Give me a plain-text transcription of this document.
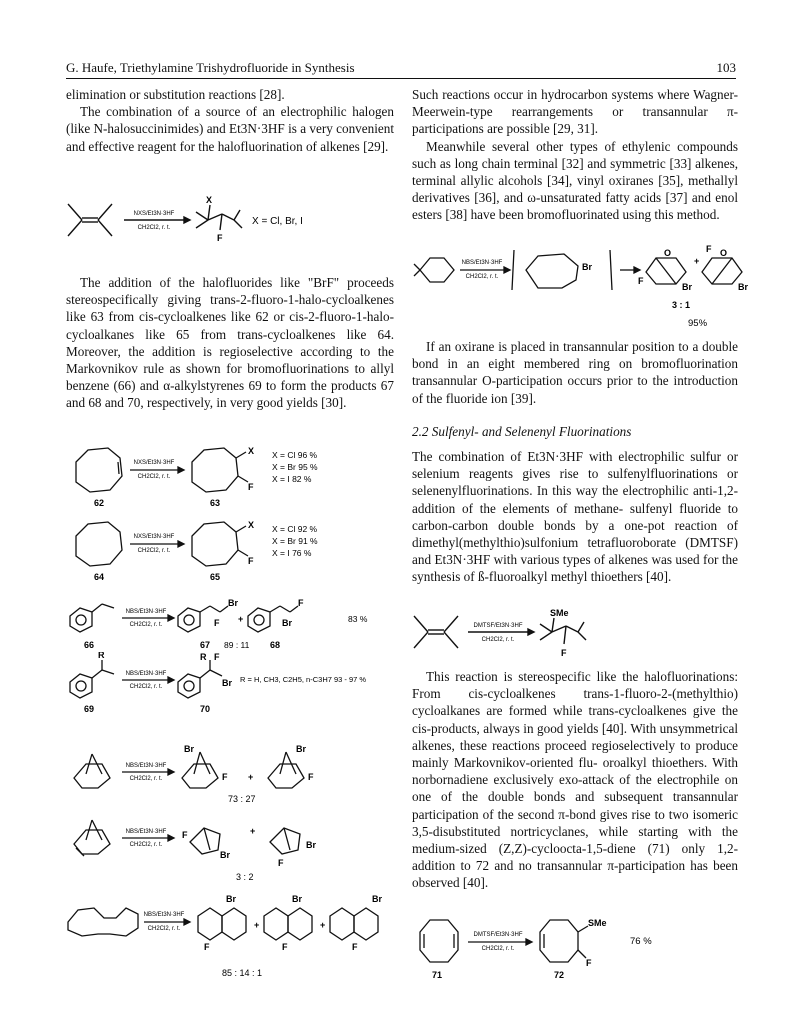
G. Haufe, Triethylamine Trishydrofluoride in Synthesis	103

elimination or substitution reactions [28].

The combination of a source of an electrophilic halogen (like N-halosuccinimides) and Et3N·3HF is a very convenient and effective reagent for the halofluorination of alkenes [29].

NXS/Et3N·3HF
CH2Cl2, r. t.
X
F
X = Cl, Br, I

The addition of the halofluorides like "BrF" proceeds stereospecifically giving trans-2-fluoro-1-halo-cycloalkenes like 63 from cis-cycloalkenes like 62 or cis-2-fluoro-1-halo-cycloalkanes like 65 from trans-cycloalkenes like 64. Moreover, the addition is regioselective according to the Markovnikov rule as shown for bromofluorinations to allyl benzene (66) and α-alkylstyrenes 69 to form the products 67 and 68 and 70, respectively, in very good yields [30].

NXS/Et3N·3HF
CH2Cl2, r. t.
X
F
62	63
X = Cl 96 %
X = Br 95 %
X = I 82 %
NXS/Et3N·3HF
CH2Cl2, r. t.
X
F
64	65
X = Cl 92 %
X = Br 91 %
X = I 76 %
NBS/Et3N·3HF
CH2Cl2, r. t.
Br
F +
F
Br
66	67 89 : 11 68
83 %
R
NBS/Et3N·3HF
CH2Cl2, r. t.
R F
Br R = H, CH3, C2H5, n-C3H7 93 - 97 %
69	70
NBS/Et3N·3HF
CH2Cl2, r. t.
Br
F +
Br
F
73 : 27
NBS/Et3N·3HF
CH2Cl2, r. t.
F
Br
+
Br
F
3 : 2
NBS/Et3N·3HF
CH2Cl2, r. t.
Br
F
+
Br
F
+
Br
F
85 : 14 : 1

Such reactions occur in hydrocarbon systems where Wagner-Meerwein-type rearrangements or transannular π-participations are possible [29, 31].

Meanwhile several other types of ethylenic compounds such as long chain terminal [32] and symmetric [33] alkenes, terminal allylic alcohols [34], vinyl oxiranes [35], methallyl derivatives [36], and ω-unsaturated fatty acids [37] and enol esters [38] have been bromofluorinated using this method.

NBS/Et3N·3HF
CH2Cl2, r. t.
Br
O
F
Br
+
O
F
Br
3 : 1
95%

If an oxirane is placed in transannular position to a double bond in an eight membered ring on bromofluorination transannular O-participation occurs prior to the introduction of the fluoride ion [39].

2.2 Sulfenyl- and Selenenyl Fluorinations

The combination of Et3N·3HF with electrophilic sulfur or selenium reagents gives rise to sulfenylfluorinations or selenenylfluorinations. In this way the electrophilic anti-1,2-addition of the elements of methane- sulfenyl fluoride to carbon-carbon double bonds by a one-pot reaction of dimethyl(methylthio)sulfonium tetrafluoroborate (DMTSF) and Et3N·3HF with various types of alkenes was used for the synthesis of ß-fluoroalkyl methyl thioethers [40].

DMTSF/Et3N·3HF
CH2Cl2, r. t.
SMe
F

This reaction is stereospecific like the halofluorinations: From cis-cycloalkenes trans-1-fluoro-2-(methylthio) cycloalkanes are formed while trans-cycloalkenes give the cis-products, always in good yields [40]. With unsymmetrical alkenes, these reactions proceed regioselectively to produce mainly Markovnikov-oriented flu- oroalkyl thioethers. With norbornadiene exclusively exo-attack of the electrophile on one of the double bonds and subsequent transannular participation of the second π-bond gives rise to two isomeric 3,5-disubstituted nortricyclanes, while starting with the medium-sized (Z,Z)-cycloocta-1,5-diene (71) only 1,2-addition to 72 and no transannular π-participation has been observed [40].

DMTSF/Et3N·3HF
CH2Cl2, r. t.
SMe
F
76 %
71	72
